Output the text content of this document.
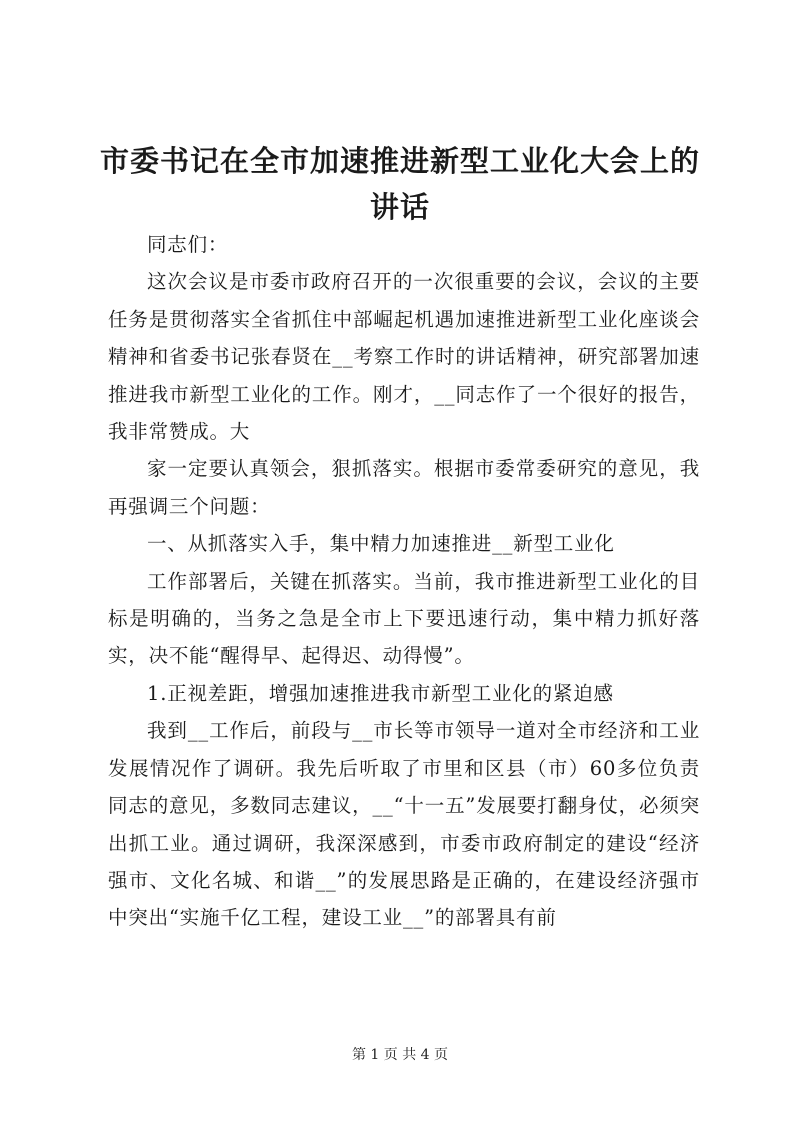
市委书记在全市加速推进新型工业化大会上的讲话

同志们：

这次会议是市委市政府召开的一次很重要的会议，会议的主要任务是贯彻落实全省抓住中部崛起机遇加速推进新型工业化座谈会精神和省委书记张春贤在__考察工作时的讲话精神，研究部署加速推进我市新型工业化的工作。刚才，__同志作了一个很好的报告，我非常赞成。大

家一定要认真领会，狠抓落实。根据市委常委研究的意见，我再强调三个问题：

一、从抓落实入手，集中精力加速推进__新型工业化

工作部署后，关键在抓落实。当前，我市推进新型工业化的目标是明确的，当务之急是全市上下要迅速行动，集中精力抓好落实，决不能“醒得早、起得迟、动得慢”。

1.正视差距，增强加速推进我市新型工业化的紧迫感

我到__工作后，前段与__市长等市领导一道对全市经济和工业发展情况作了调研。我先后听取了市里和区县（市）60多位负责同志的意见，多数同志建议，__“十一五”发展要打翻身仗，必须突出抓工业。通过调研，我深深感到，市委市政府制定的建设“经济强市、文化名城、和谐__”的发展思路是正确的，在建设经济强市中突出“实施千亿工程，建设工业__”的部署具有前

第 1 页 共 4 页
